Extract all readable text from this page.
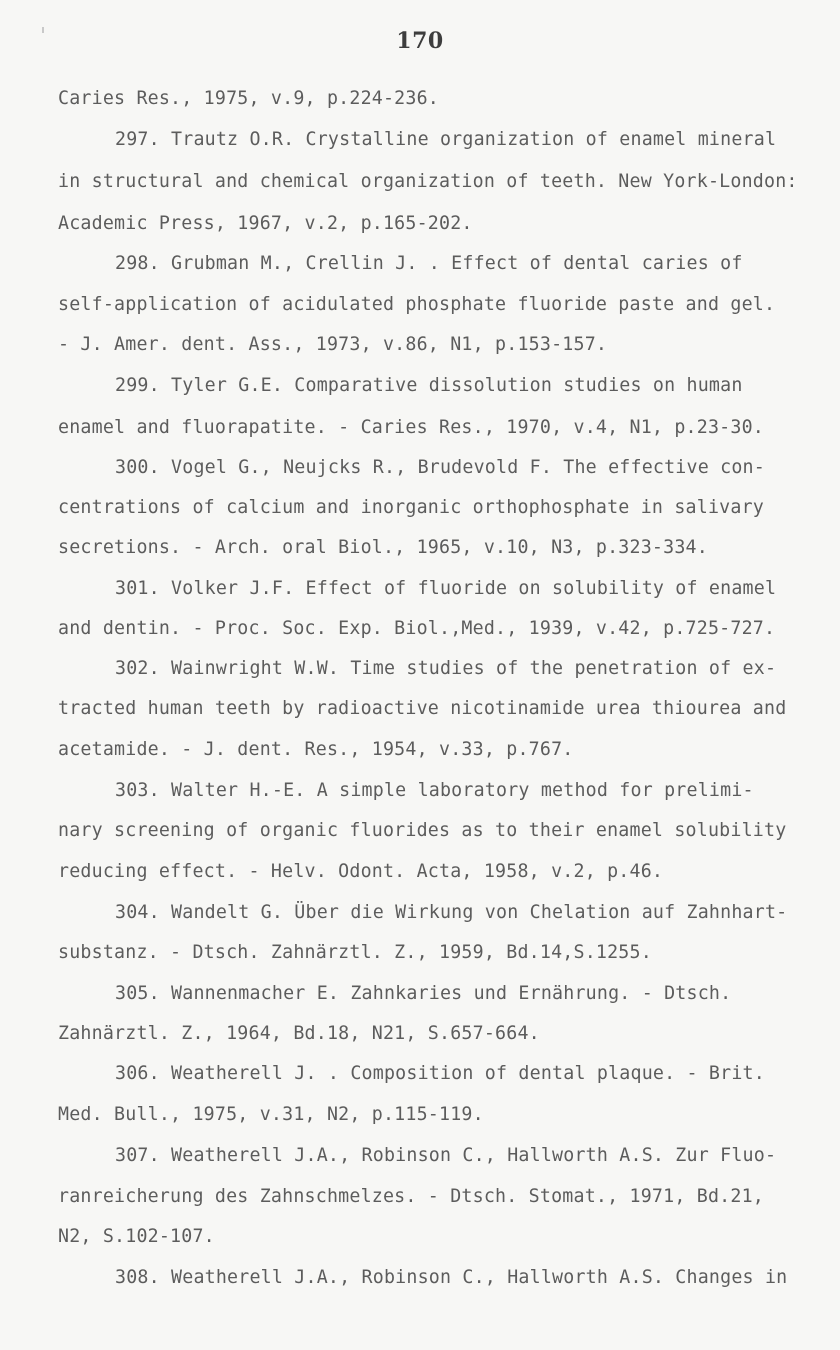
170
Caries Res., 1975, v.9, p.224-236.
297. Trautz O.R. Crystalline organization of enamel mineral
in structural and chemical organization of teeth. New York-London:
Academic Press, 1967, v.2, p.165-202.
298. Grubman M., Crellin J. . Effect of dental caries of
self-application of acidulated phosphate fluoride paste and gel.
- J. Amer. dent. Ass., 1973, v.86, N1, p.153-157.
299. Tyler G.E. Comparative dissolution studies on human
enamel and fluorapatite. - Caries Res., 1970, v.4, N1, p.23-30.
300. Vogel G., Neujcks R., Brudevold F. The effective con-
centrations of calcium and inorganic orthophosphate in salivary
secretions. - Arch. oral Biol., 1965, v.10, N3, p.323-334.
301. Volker J.F. Effect of fluoride on solubility of enamel
and dentin. - Proc. Soc. Exp. Biol.,Med., 1939, v.42, p.725-727.
302. Wainwright W.W. Time studies of the penetration of ex-
tracted human teeth by radioactive nicotinamide urea thiourea and
acetamide. - J. dent. Res., 1954, v.33, p.767.
303. Walter H.-E. A simple laboratory method for prelimi-
nary screening of organic fluorides as to their enamel solubility
reducing effect. - Helv. Odont. Acta, 1958, v.2, p.46.
304. Wandelt G. Über die Wirkung von Chelation auf Zahnhart-
substanz. - Dtsch. Zahnärztl. Z., 1959, Bd.14,S.1255.
305. Wannenmacher E. Zahnkaries und Ernährung. - Dtsch.
Zahnärztl. Z., 1964, Bd.18, N21, S.657-664.
306. Weatherell J. . Composition of dental plaque. - Brit.
Med. Bull., 1975, v.31, N2, p.115-119.
307. Weatherell J.A., Robinson C., Hallworth A.S. Zur Fluo-
ranreicherung des Zahnschmelzes. - Dtsch. Stomat., 1971, Bd.21,
N2, S.102-107.
308. Weatherell J.A., Robinson C., Hallworth A.S. Changes in
